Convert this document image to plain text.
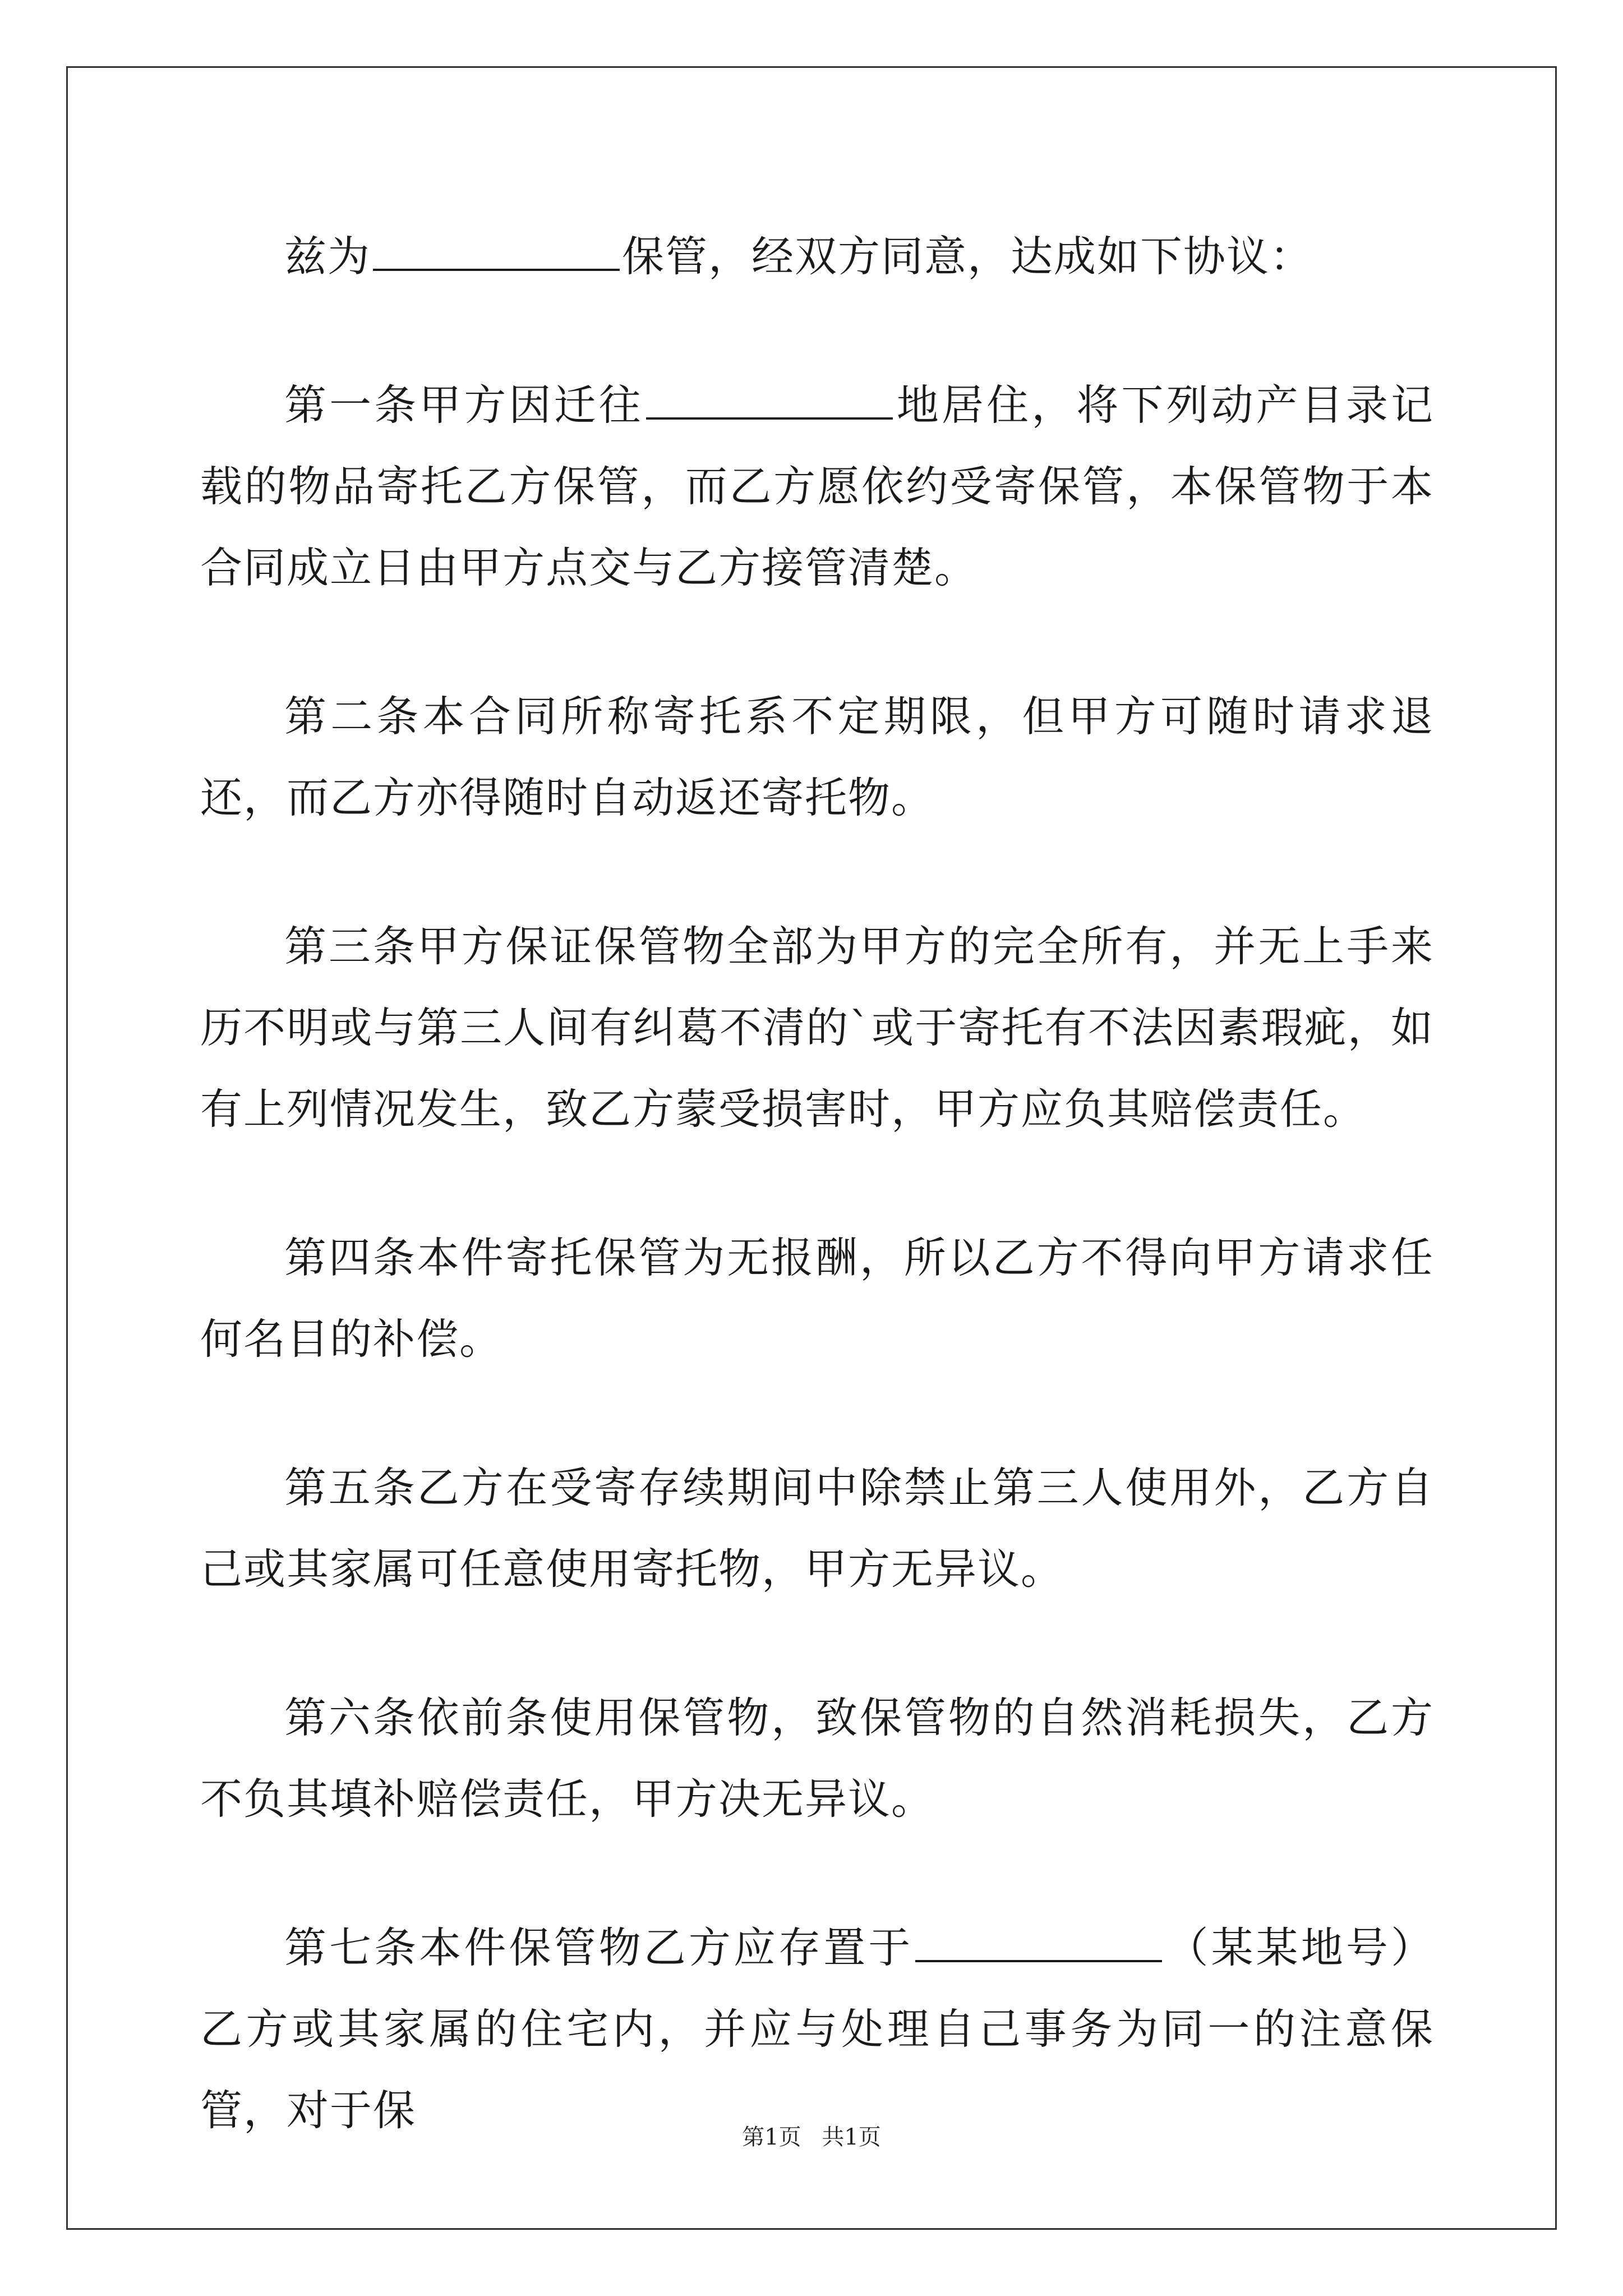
兹为	保管，经双方同意，达成如下协议：

第一条甲方因迁往	地居住，将下列动产目录记载的物品寄托乙方保管，而乙方愿依约受寄保管，本保管物于本合同成立日由甲方点交与乙方接管清楚。

第二条本合同所称寄托系不定期限，但甲方可随时请求退还，而乙方亦得随时自动返还寄托物。

第三条甲方保证保管物全部为甲方的完全所有，并无上手来历不明或与第三人间有纠葛不清的`或于寄托有不法因素瑕疵，如有上列情况发生，致乙方蒙受损害时，甲方应负其赔偿责任。

第四条本件寄托保管为无报酬，所以乙方不得向甲方请求任何名目的补偿。

第五条乙方在受寄存续期间中除禁止第三人使用外，乙方自己或其家属可任意使用寄托物，甲方无异议。

第六条依前条使用保管物，致保管物的自然消耗损失，乙方不负其填补赔偿责任，甲方决无异议。

第七条本件保管物乙方应存置于	（某某地号）乙方或其家属的住宅内，并应与处理自己事务为同一的注意保管，对于保

第1页 共1页
